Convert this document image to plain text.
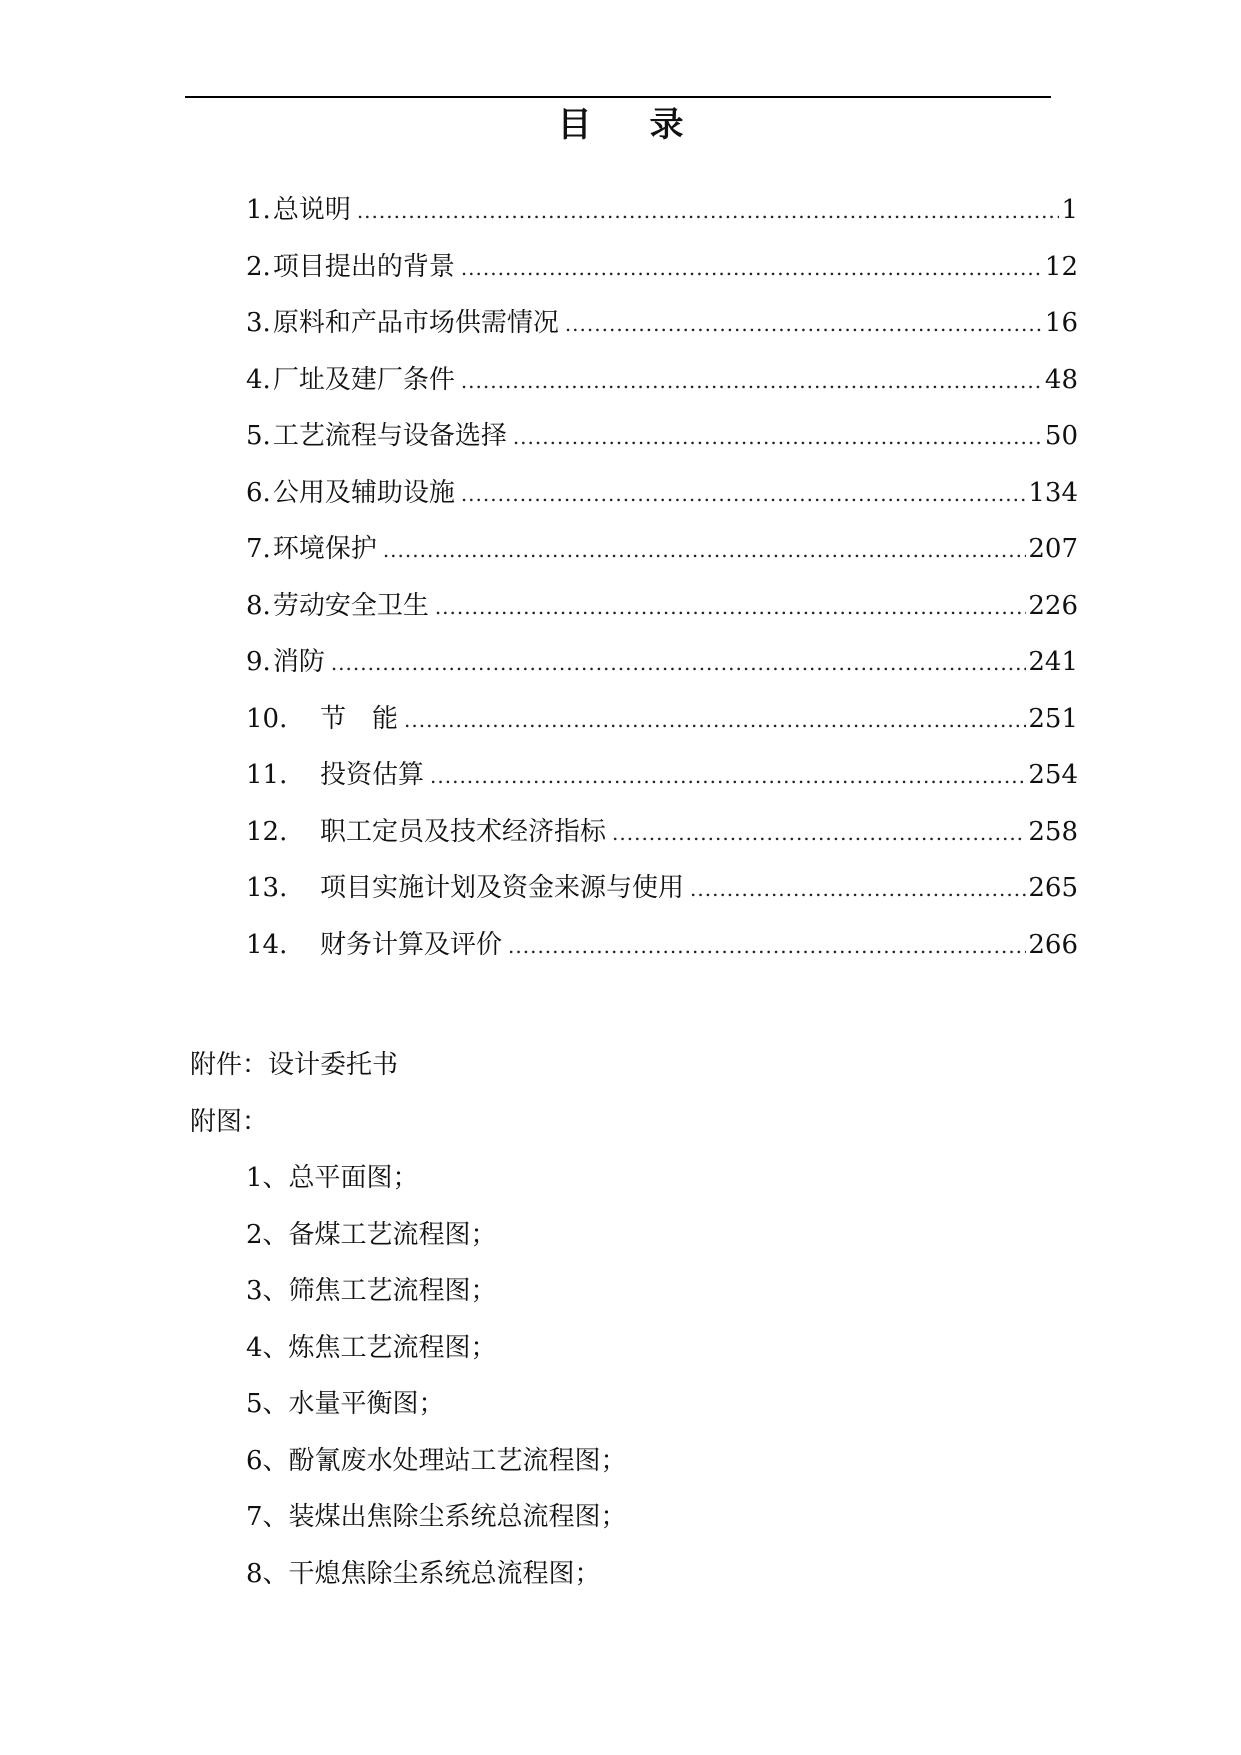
目录
1. 总说明 .....	1
2. 项目提出的背景 .....	12
3. 原料和产品市场供需情况 .....	16
4. 厂址及建厂条件 .....	48
5. 工艺流程与设备选择 .....	50
6. 公用及辅助设施 .....	134
7. 环境保护 .....	207
8. 劳动安全卫生 .....	226
9. 消防 .....	241
10.	节　能 .....	251
11.	投资估算 .....	254
12.	职工定员及技术经济指标 .....	258
13.	项目实施计划及资金来源与使用 .....	265
14.	财务计算及评价 .....	266
附件：设计委托书
附图：
1、总平面图；
2、备煤工艺流程图；
3、筛焦工艺流程图；
4、炼焦工艺流程图；
5、水量平衡图；
6、酚氰废水处理站工艺流程图；
7、装煤出焦除尘系统总流程图；
8、干熄焦除尘系统总流程图；
